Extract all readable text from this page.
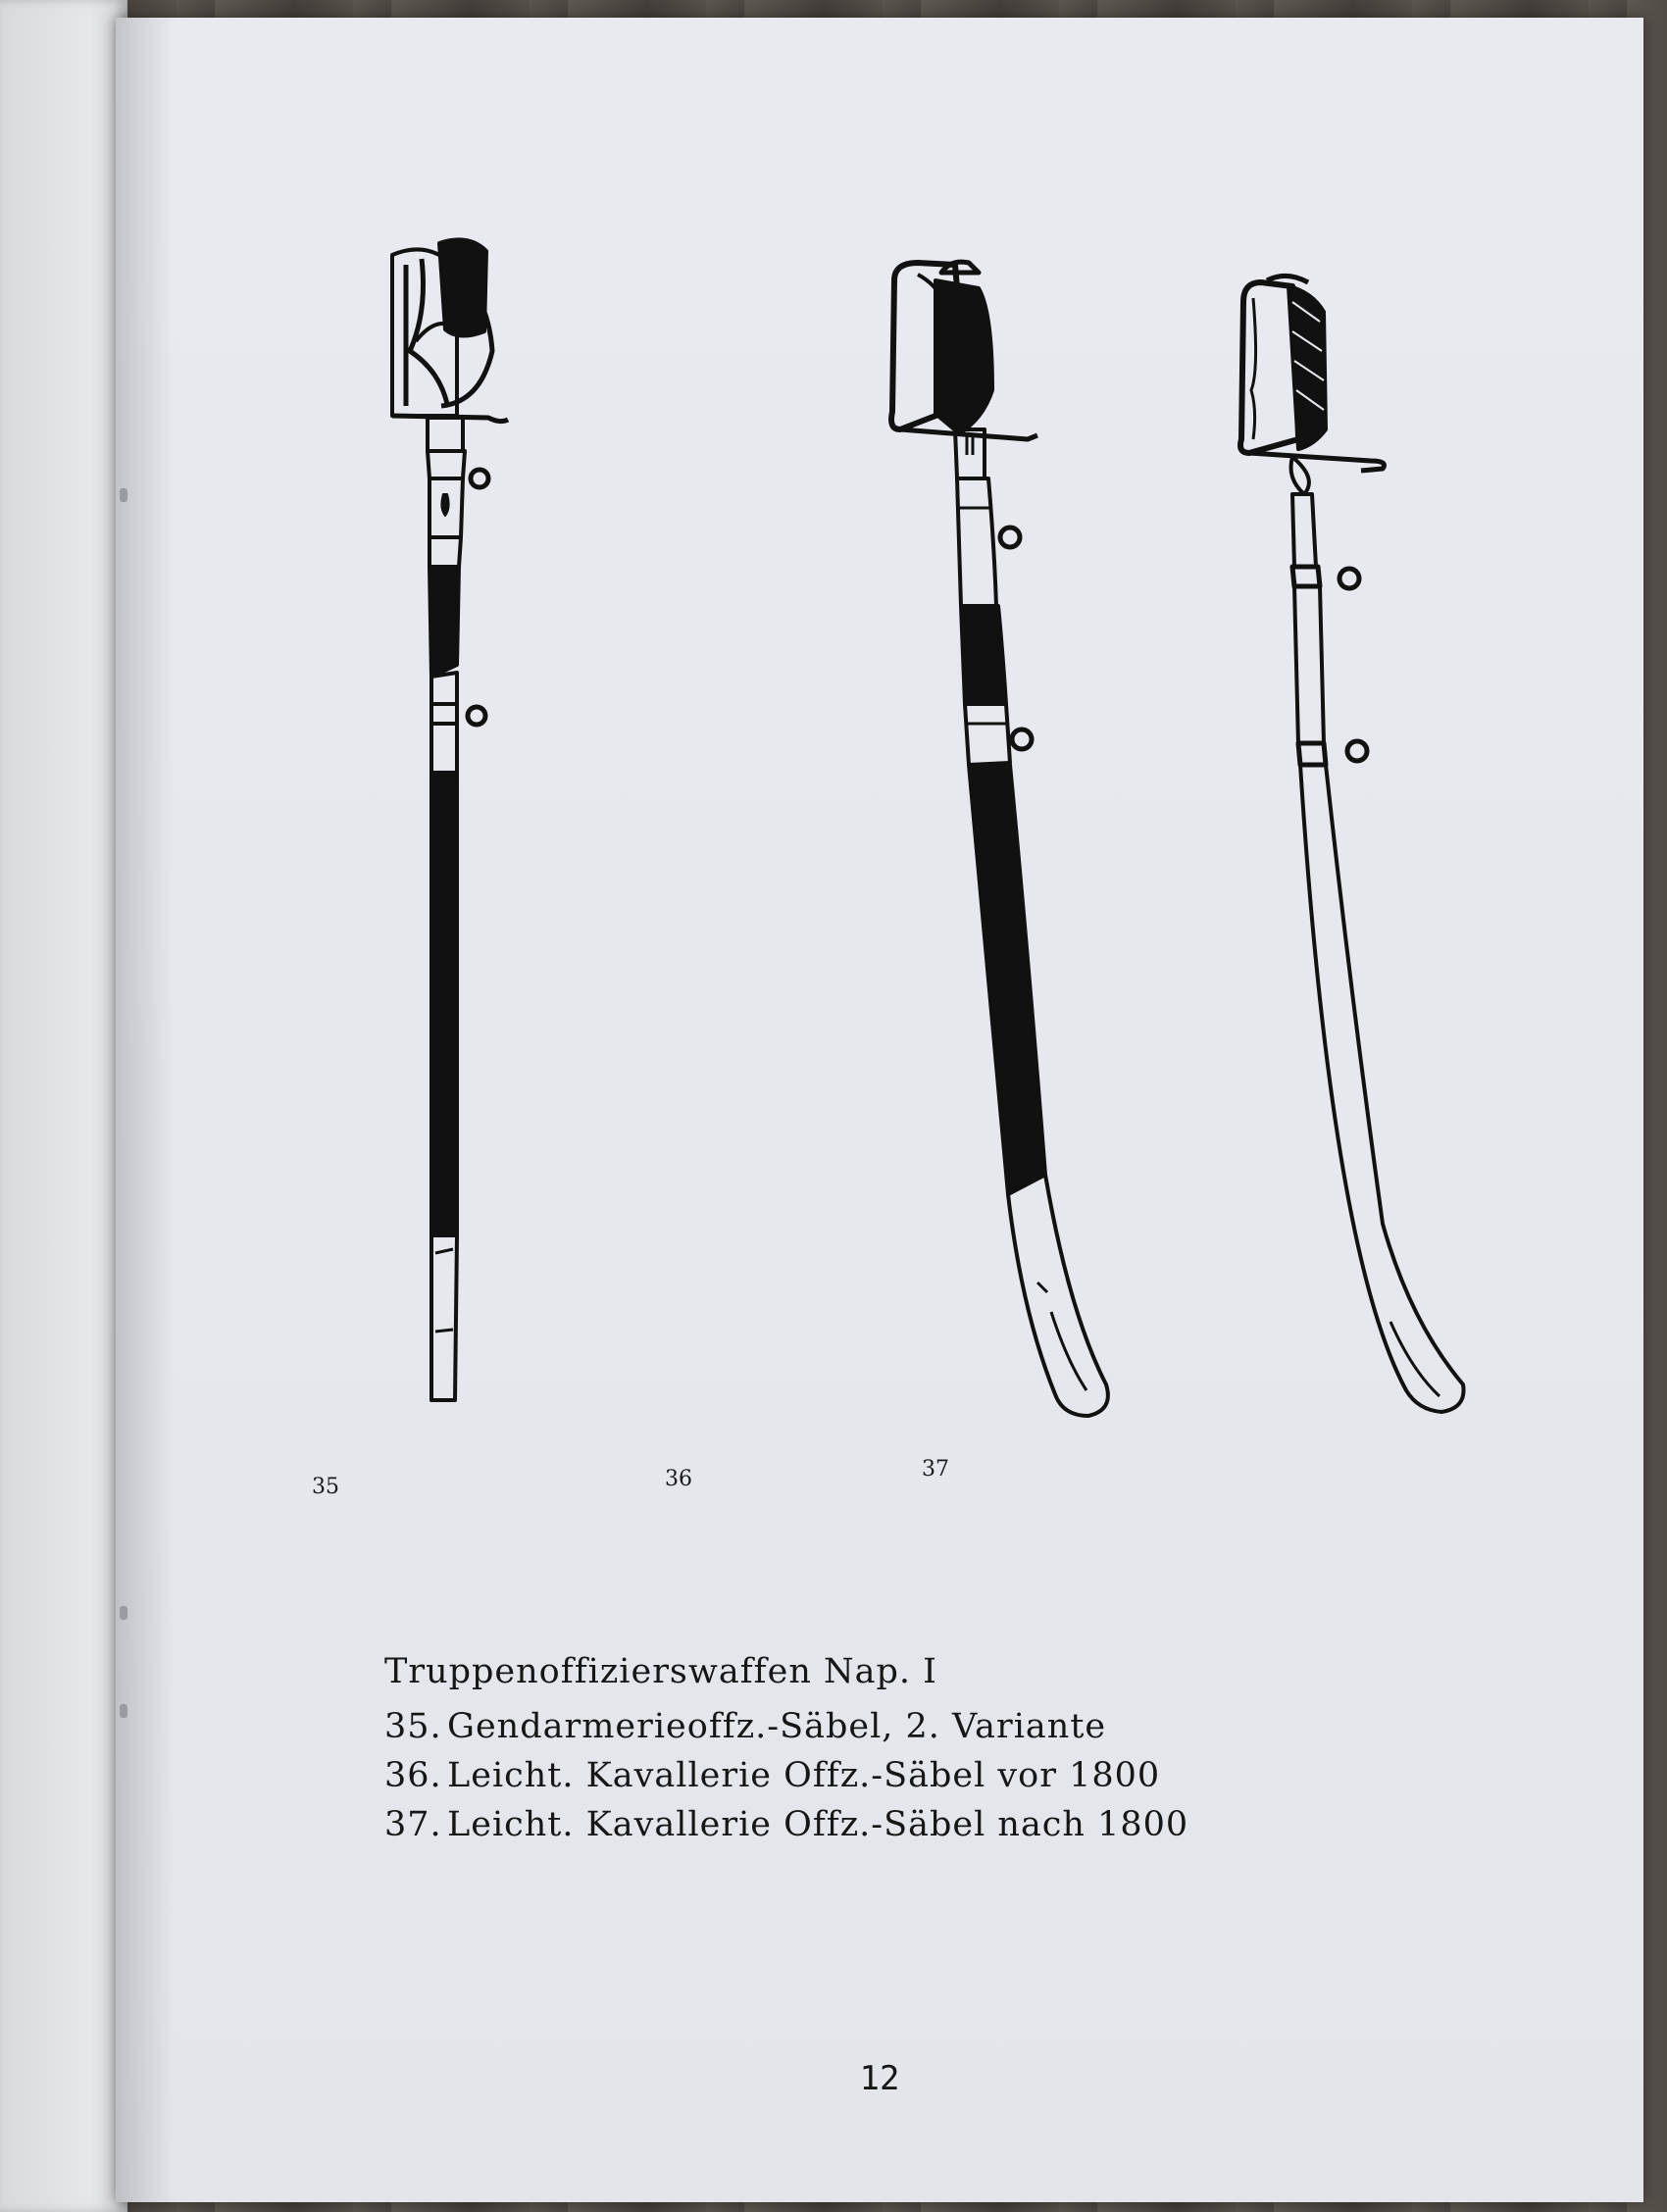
35	36	37
Truppenoffizierswaffen Nap. I
35. Gendarmerieoffz.-Säbel, 2. Variante
36. Leicht. Kavallerie Offz.-Säbel vor 1800
37. Leicht. Kavallerie Offz.-Säbel nach 1800
12
